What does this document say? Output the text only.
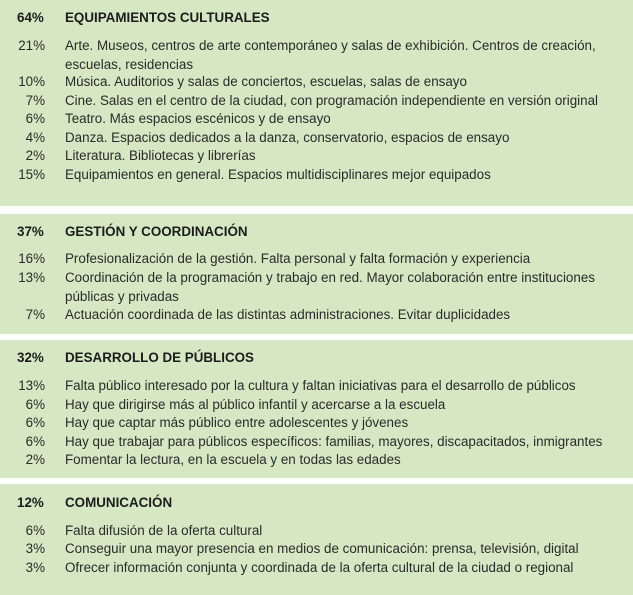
64%	EQUIPAMIENTOS CULTURALES
21% Arte. Museos, centros de arte contemporáneo y salas de exhibición. Centros de creación, escuelas, residencias
10% Música. Auditorios y salas de conciertos, escuelas, salas de ensayo
7% Cine. Salas en el centro de la ciudad, con programación independiente en versión original
6% Teatro. Más espacios escénicos y de ensayo
4% Danza. Espacios dedicados a la danza, conservatorio, espacios de ensayo
2% Literatura. Bibliotecas y librerías
15% Equipamientos en general. Espacios multidisciplinares mejor equipados
37%	GESTIÓN Y COORDINACIÓN
16% Profesionalización de la gestión. Falta personal y falta formación y experiencia
13% Coordinación de la programación y trabajo en red. Mayor colaboración entre instituciones públicas y privadas
7% Actuación coordinada de las distintas administraciones. Evitar duplicidades
32%	DESARROLLO DE PÚBLICOS
13% Falta público interesado por la cultura y faltan iniciativas para el desarrollo de públicos
6% Hay que dirigirse más al público infantil y acercarse a la escuela
6% Hay que captar más público entre adolescentes y jóvenes
6% Hay que trabajar para públicos específicos: familias, mayores, discapacitados, inmigrantes
2% Fomentar la lectura, en la escuela y en todas las edades
12%	COMUNICACIÓN
6% Falta difusión de la oferta cultural
3% Conseguir una mayor presencia en medios de comunicación: prensa, televisión, digital
3% Ofrecer información conjunta y coordinada de la oferta cultural de la ciudad o regional
